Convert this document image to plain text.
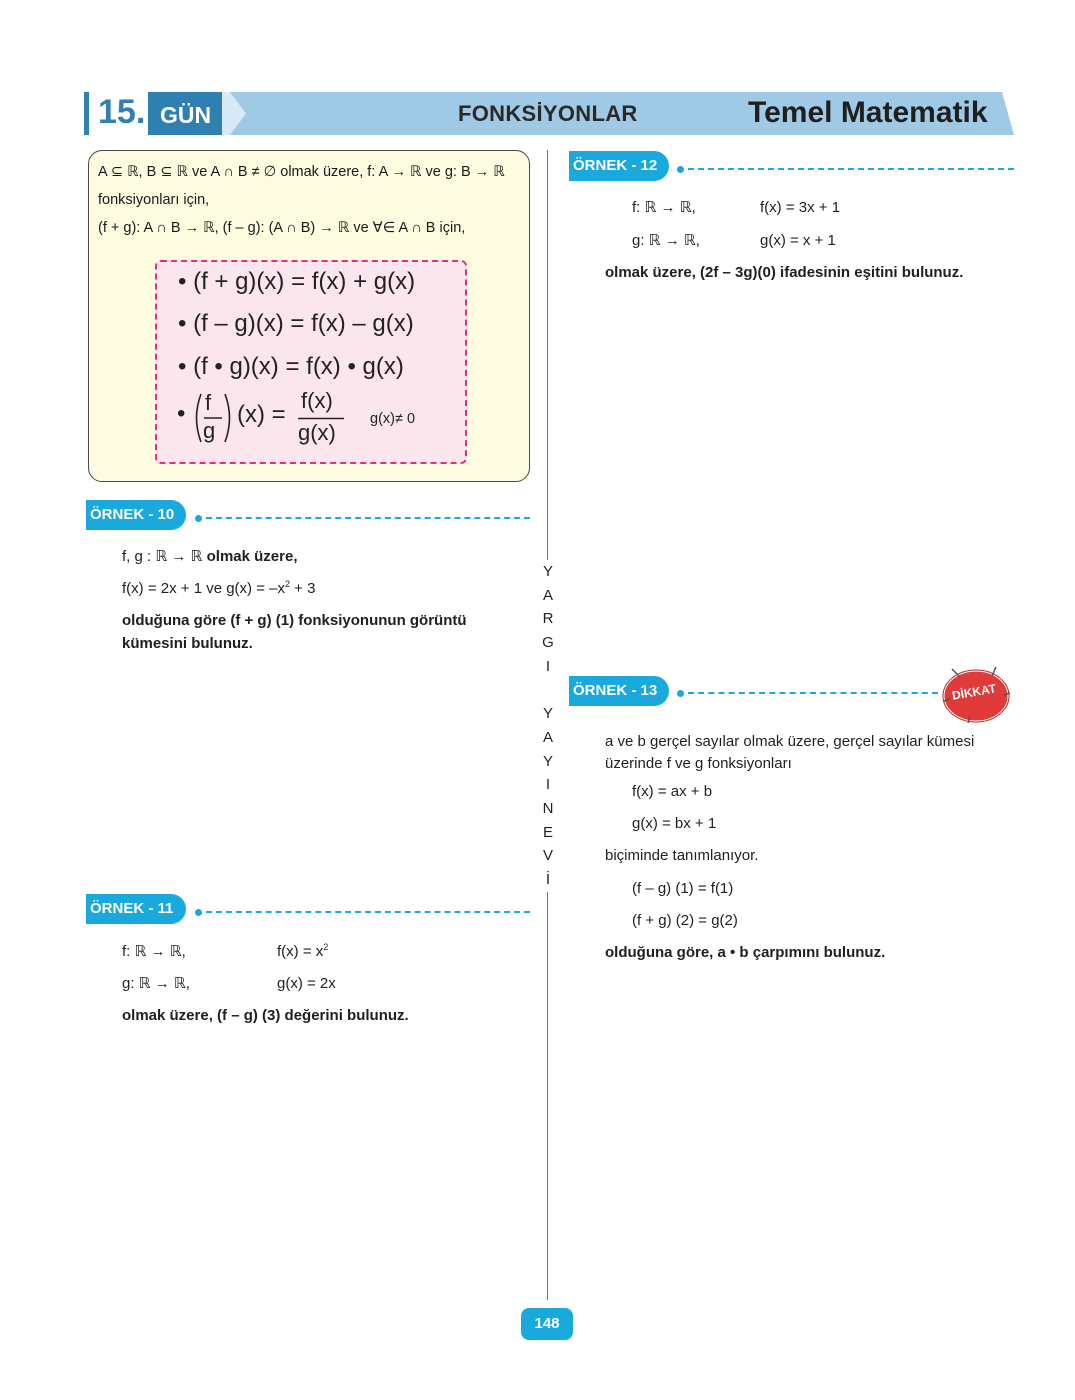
15. GÜN	FONKSİYONLAR	Temel Matematik
A ⊆ ℝ, B ⊆ ℝ ve A ∩ B ≠ ∅ olmak üzere, f: A → ℝ ve g: B → ℝ
fonksiyonları için,
(f + g): A ∩ B → ℝ, (f – g): (A ∩ B) → ℝ ve ∀∈ A ∩ B için,
• (f + g)(x) = f(x) + g(x)
• (f – g)(x) = f(x) – g(x)
• (f • g)(x) = f(x) • g(x)
• f
g
(x) =
f(x)
g(x)
g(x)≠ 0
ÖRNEK - 10
f, g : ℝ → ℝ olmak üzere,
f(x) = 2x + 1 ve $g(x) = -x^2 + 3$
olduğuna göre (f + g) (1) fonksiyonunun görüntü
kümesini bulunuz.
ÖRNEK - 11
f: ℝ → ℝ,	$f(x) = x^2$
g: ℝ → ℝ,	g(x) = 2x
olmak üzere, (f – g) (3) değerini bulunuz.
Y
A
R
G
I

Y
A
Y
I
N
E
V
İ
ÖRNEK - 12
f: ℝ → ℝ,	f(x) = 3x + 1
g: ℝ → ℝ,	g(x) = x + 1
olmak üzere, (2f – 3g)(0) ifadesinin eşitini bulunuz.
ÖRNEK - 13	DİKKAT
a ve b gerçel sayılar olmak üzere, gerçel sayılar kümesi
üzerinde f ve g fonksiyonları
f(x) = ax + b
g(x) = bx + 1
biçiminde tanımlanıyor.
(f – g) (1) = f(1)
(f + g) (2) = g(2)
olduğuna göre, a • b çarpımını bulunuz.
148
